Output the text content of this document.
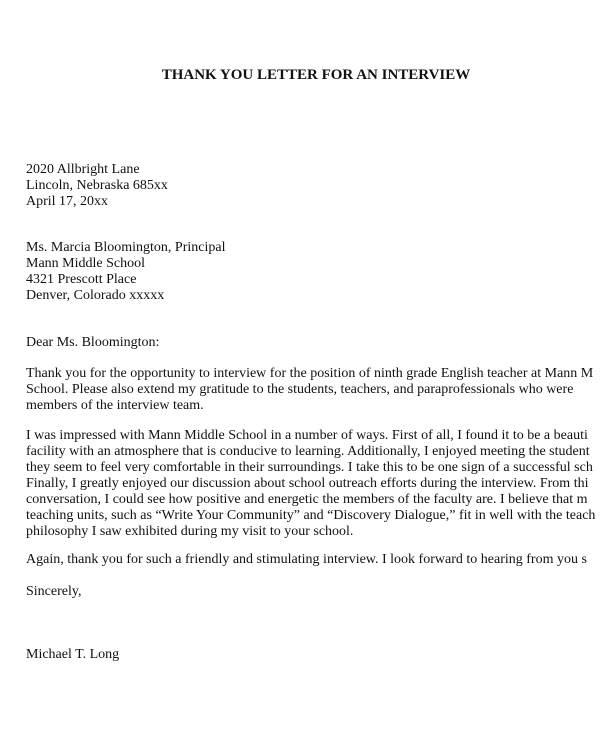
THANK YOU LETTER FOR AN INTERVIEW
2020 Allbright Lane
Lincoln, Nebraska 685xx
April 17, 20xx
Ms. Marcia Bloomington, Principal
Mann Middle School
4321 Prescott Place
Denver, Colorado xxxxx
Dear Ms. Bloomington:
Thank you for the opportunity to interview for the position of ninth grade English teacher at Mann M
School. Please also extend my gratitude to the students, teachers, and paraprofessionals who were
members of the interview team.
I was impressed with Mann Middle School in a number of ways. First of all, I found it to be a beauti
facility with an atmosphere that is conducive to learning. Additionally, I enjoyed meeting the student
they seem to feel very comfortable in their surroundings. I take this to be one sign of a successful sch
Finally, I greatly enjoyed our discussion about school outreach efforts during the interview. From thi
conversation, I could see how positive and energetic the members of the faculty are. I believe that m
teaching units, such as “Write Your Community” and “Discovery Dialogue,” fit in well with the teach
philosophy I saw exhibited during my visit to your school.
Again, thank you for such a friendly and stimulating interview. I look forward to hearing from you s
Sincerely,
Michael T. Long
